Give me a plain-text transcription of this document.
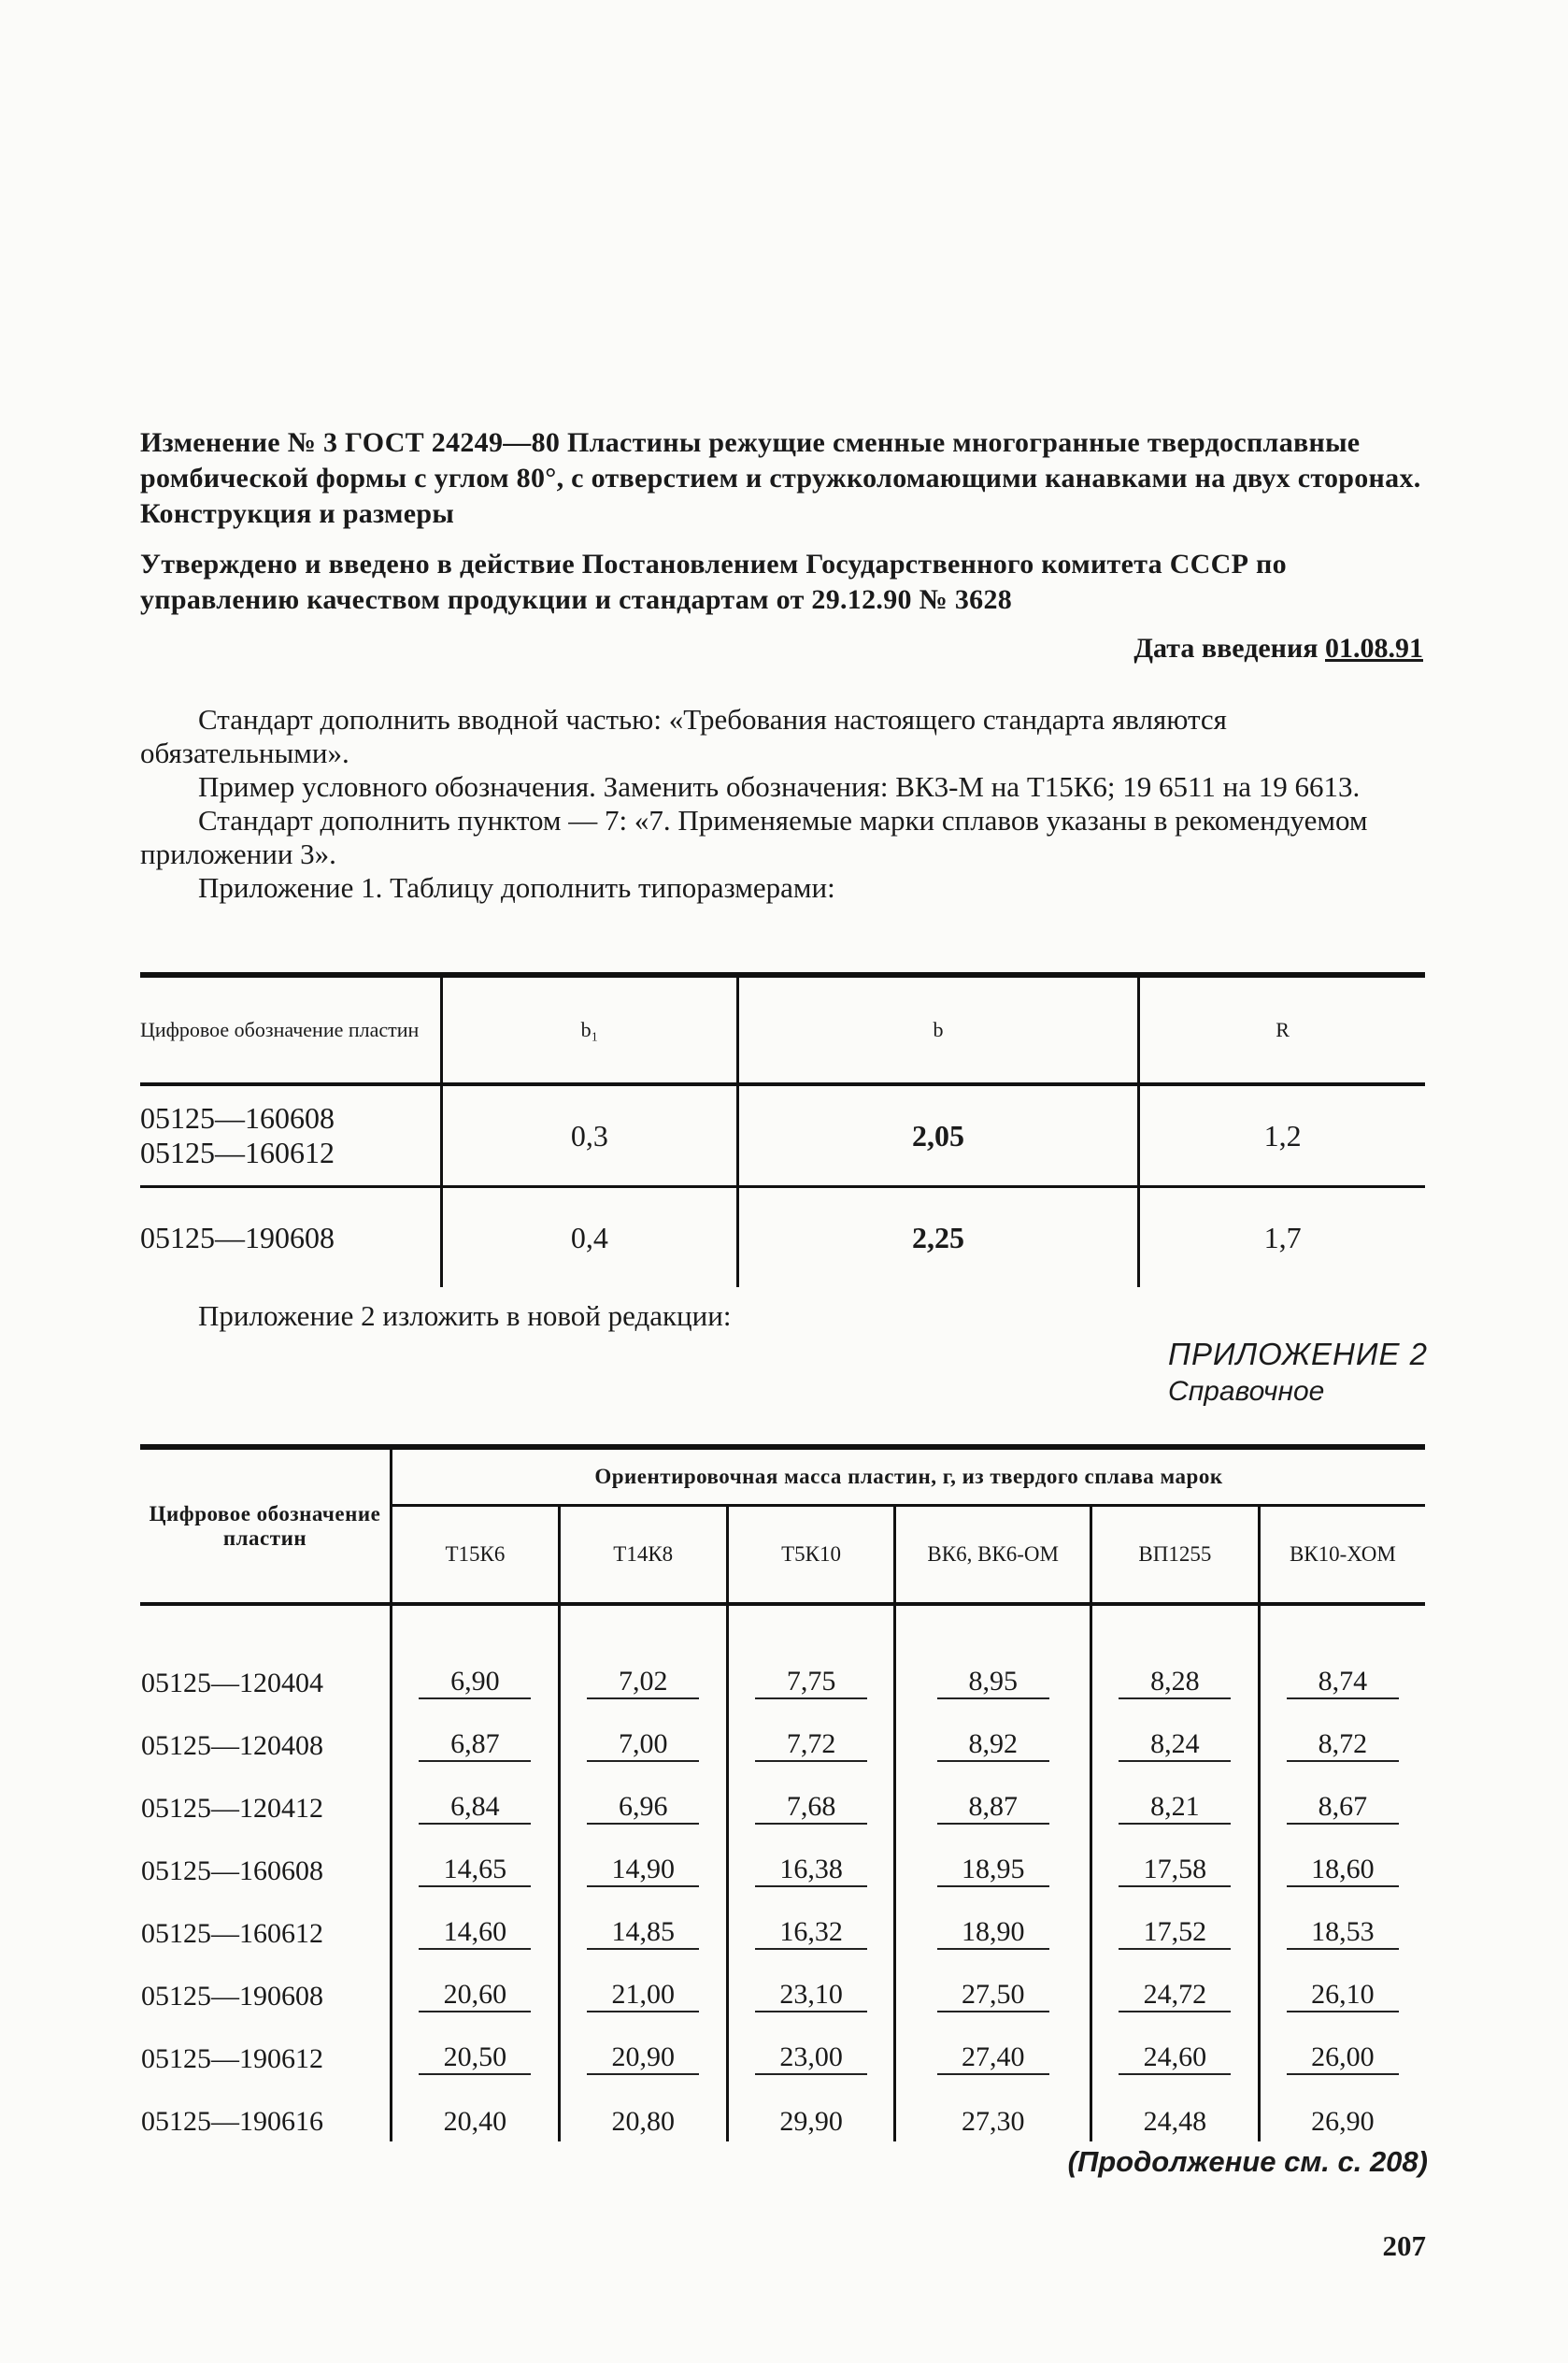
Изменение № 3 ГОСТ 24249—80 Пластины режущие сменные многогранные твердосплавные ромбической формы с углом 80°, с отверстием и стружколомающими канавками на двух сторонах. Конструкция и размеры
Утверждено и введено в действие Постановлением Государственного комитета СССР по управлению качеством продукции и стандартам от 29.12.90 № 3628
Дата введения 01.08.91

Стандарт дополнить вводной частью: «Требования настоящего стандарта являются обязательными».

Пример условного обозначения. Заменить обозначения: ВК3-М на Т15К6; 19 6511 на 19 6613.

Стандарт дополнить пунктом — 7: «7. Применяемые марки сплавов указаны в рекомендуемом приложении 3».

Приложение 1. Таблицу дополнить типоразмерами:

Цифровое обозначение пластин	b₁	b	R
05125—160608
05125—160612	0,3	2,05	1,2
05125—190608	0,4	2,25	1,7
Приложение 2 изложить в новой редакции:
ПРИЛОЖЕНИЕ 2
Справочное
Цифровое обозначение пластин	Ориентировочная масса пластин, г, из твердого сплава марок					
	Т15К6	Т14К8	Т5К10	ВК6, ВК6-ОМ	ВП1255	ВК10-ХОМ
05125—120404	6,90	7,02	7,75	8,95	8,28	8,74
05125—120408	6,87	7,00	7,72	8,92	8,24	8,72
05125—120412	6,84	6,96	7,68	8,87	8,21	8,67
05125—160608	14,65	14,90	16,38	18,95	17,58	18,60
05125—160612	14,60	14,85	16,32	18,90	17,52	18,53
05125—190608	20,60	21,00	23,10	27,50	24,72	26,10
05125—190612	20,50	20,90	23,00	27,40	24,60	26,00
05125—190616	20,40	20,80	29,90	27,30	24,48	26,90
(Продолжение см. с. 208)
207
